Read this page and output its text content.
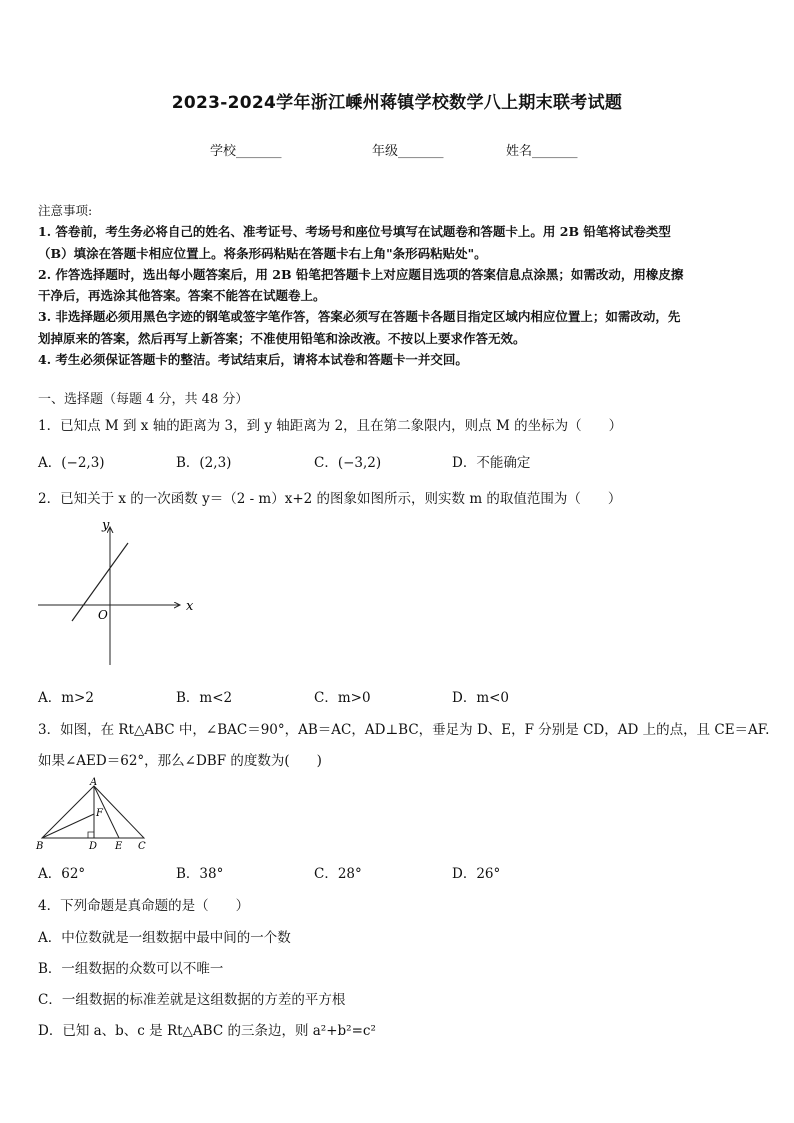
2023-2024学年浙江嵊州蒋镇学校数学八上期末联考试题
学校_______	年级_______	姓名_______
注意事项:
1. 答卷前，考生务必将自己的姓名、准考证号、考场号和座位号填写在试题卷和答题卡上。用 2B 铅笔将试卷类型
（B）填涂在答题卡相应位置上。将条形码粘贴在答题卡右上角"条形码粘贴处"。
2. 作答选择题时，选出每小题答案后，用 2B 铅笔把答题卡上对应题目选项的答案信息点涂黑；如需改动，用橡皮擦
干净后，再选涂其他答案。答案不能答在试题卷上。
3. 非选择题必须用黑色字迹的钢笔或签字笔作答，答案必须写在答题卡各题目指定区域内相应位置上；如需改动，先
划掉原来的答案，然后再写上新答案；不准使用铅笔和涂改液。不按以上要求作答无效。
4. 考生必须保证答题卡的整洁。考试结束后，请将本试卷和答题卡一并交回。
一、选择题（每题 4 分，共 48 分）
1．已知点 M 到 x 轴的距离为 3，到 y 轴距离为 2，且在第二象限内，则点 M 的坐标为（　　）
A．(−2,3)	B．(2,3)	C．(−3,2)	D．不能确定
2．已知关于 x 的一次函数 y＝（2 - m）x+2 的图象如图所示，则实数 m 的取值范围为（　　）
x
y
O
A．m>2	B．m<2	C．m>0	D．m<0
3．如图，在 Rt△ABC 中，∠BAC＝90°，AB＝AC，AD⊥BC，垂足为 D、E，F 分别是 CD，AD 上的点，且 CE＝AF.
如果∠AED＝62°，那么∠DBF 的度数为(　　)
A
B	C
D E
F
A．62°	B．38°	C．28°	D．26°
4．下列命题是真命题的是（　　）
A．中位数就是一组数据中最中间的一个数
B．一组数据的众数可以不唯一
C．一组数据的标准差就是这组数据的方差的平方根
D．已知 a、b、c 是 Rt△ABC 的三条边，则 a²+b²=c²
